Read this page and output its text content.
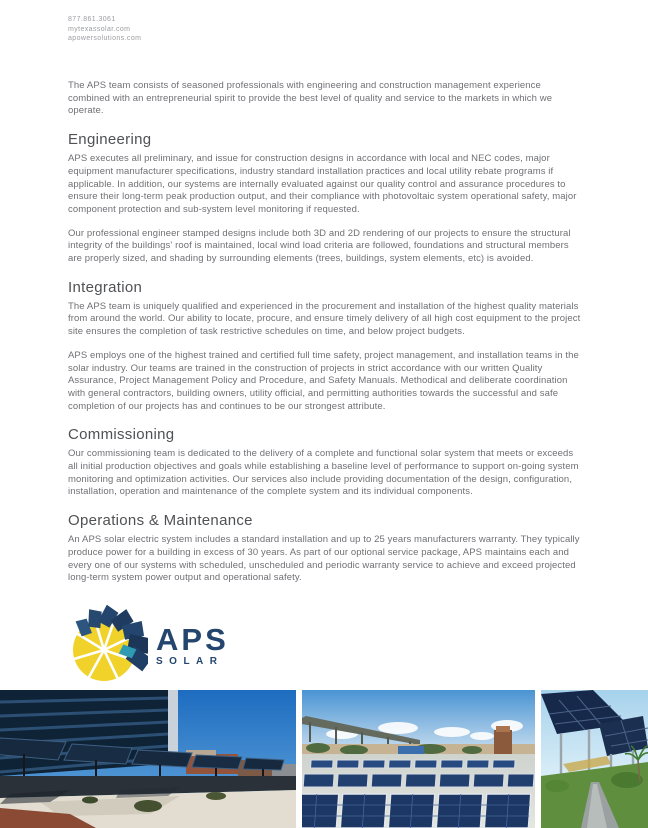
877.861.3061
mytexassolar.com
apowersolutions.com

The APS team consists of seasoned professionals with engineering and construction management experience combined with an entrepreneurial spirit to provide the best level of quality and service to the markets in which we operate.

Engineering

APS executes all preliminary, and issue for construction designs in accordance with local and NEC codes, major equipment manufacturer specifications, industry standard installation practices and local utility rebate programs if applicable. In addition, our systems are internally evaluated against our quality control and assurance procedures to ensure their long-term peak production output, and their compliance with photovoltaic system operational safety, major component protection and sub-system level monitoring if requested.

Our professional engineer stamped designs include both 3D and 2D rendering of our projects to ensure the structural integrity of the buildings' roof is maintained, local wind load criteria are followed, foundations and structural members are properly sized, and shading by surrounding elements (trees, buildings, system elements, etc) is avoided.

Integration

The APS team is uniquely qualified and experienced in the procurement and installation of the highest quality materials from around the world. Our ability to locate, procure, and ensure timely delivery of all high cost equipment to the project site ensures the completion of task restrictive schedules on time, and below project budgets.

APS employs one of the highest trained and certified full time safety, project management, and installation teams in the solar industry. Our teams are trained in the construction of projects in strict accordance with our written Quality Assurance, Project Management Policy and Procedure, and Safety Manuals. Methodical and deliberate coordination with general contractors, building owners, utility official, and permitting authorities towards the successful and safe completion of our projects has and continues to be our strongest attribute.

Commissioning

Our commissioning team is dedicated to the delivery of a complete and functional solar system that meets or exceeds all initial production objectives and goals while establishing a baseline level of performance to support on-going system monitoring and optimization activities. Our services also include providing documentation of the design, configuration, installation, operation and maintenance of the complete system and its individual components.

Operations & Maintenance

An APS solar electric system includes a standard installation and up to 25 years manufacturers warranty. They typically produce power for a building in excess of 30 years. As part of our optional service package, APS maintains each and every one of our systems with scheduled, unscheduled and periodic warranty service to achieve and exceed projected long-term system power output and operational safety.

APS
SOLAR
